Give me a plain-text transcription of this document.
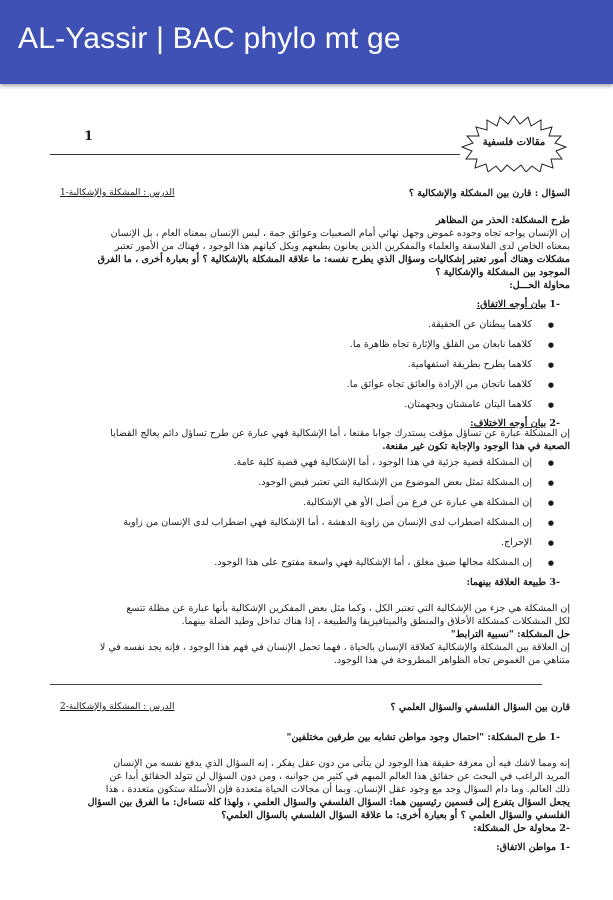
AL-Yassir | BAC phylo mt ge
1	مقالات فلسفية
السؤال : قارن بين المشكلة والإشكالية ؟
الدرس : المشكلة والإشكالية-1
طرح المشكلة: الحذر من المظاهر
إن الإنسان يواجه تجاه وجوده غموض وجهل نهائي أمام الصعبيات وعوائق جمة ، ليس الإنسان بمعناه العام ، بل الإنسان
بمعناه الخاص لدى الفلاسفة والعلماء والمفكرين الذين يعانون بطبعهم ويكل كيانهم هذا الوجود ، فهناك من الأمور تعتبر
مشكلات وهناك أمور تعتبر إشكاليات وسؤال الذي يطرح نفسه: ما علاقة المشكلة بالإشكالية ؟ أو بعبارة أخرى ، ما الفرق
الموجود بين المشكلة والإشكالية ؟
محاولة الحـــل:
-1 بيان أوجه الاتفاق:
● كلاهما يبطنان عن الحقيقة.
● كلاهما نابعان من القلق والإثارة تجاه ظاهرة ما.
● كلاهما يطرح بطريقة استفهامية.
● كلاهما ناتجان من الإرادة والعائق تجاه عوائق ما.
● كلاهما اليتان عامشتان ويجهمتان.
-2 بيان أوجه الاختلاف:
إن المشكلة عبارة عن تساؤل مؤقت يستدرك جوابا مقنعا ، أما الإشكالية فهي عبارة عن طرح تساؤل دائم يعالج القضايا
الصعبة في هذا الوجود والإجابة تكون غير مقنعة.
● إن المشكلة قضية جزئية في هذا الوجود ، أما الإشكالية فهي قضية كلية عامة.
● إن المشكلة تمثل بعض الموضوع من الإشكالية التي تعتبر فيض الوجود.
● إن المشكلة هي عبارة عن فرع من أصل الأو هي الإشكالية.
● إن المشكلة اضطراب لدى الإنسان من زاوية الدهشة ، أما الإشكالية فهي اضطراب لدى الإنسان من زاوية
● الإحراج.
● إن المشكلة مجالها ضيق مغلق ، أما الإشكالية فهي واسعة مفتوح على هذا الوجود.
-3 طبيعة العلاقة بينهما:
إن المشكلة هي جزء من الإشكالية التي تعتبر الكل ، وكما مثل بعض المفكرين الإشكالية بأنها عبارة عن مظلة تتسع
لكل المشكلات كمشكلة الأخلاق والمنطق والميتافيزيقا والطبيعة ، إذا هناك تداخل وطيد الصلة بينهما.
حل المشكلة: "نسبية الترابط"
إن العلاقة بين المشكلة والإشكالية كعلاقة الإنسان بالحياة ، فهما تحمل الإنسان في فهم هذا الوجود ، فإنه يجد نفسه في لا
متناهي من الغموض تجاه الظواهر المطروحة في هذا الوجود.
قارن بين السؤال الفلسفي والسؤال العلمي ؟
الدرس : المشكلة والإشكالية-2
-1 طرح المشكلة: "احتمال وجود مواطن تشابه بين طرفين مختلفين"
إنه ومما لاشك فيه أن معرفة حقيقة هذا الوجود لن يتأتى من دون عقل يفكر ، إنه السؤال الذي يدفع نفسه من الإنسان
المريد الراغب في البحث عن حقائق هذا العالم المبهم في كثير من جوانبه ، ومن دون السؤال لن تتولد الحقائق أبدا عن
ذلك العالم. وما دام السؤال وجد مع وجود عقل الإنسان. وبما أن مجالات الحياة متعددة فإن الأسئلة ستكون متعددة ، هذا
يجعل السؤال يتفرع إلى قسمين رئيسيين هما: السؤال الفلسفي والسؤال العلمي ، ولهذا كله نتساءل: ما الفرق بين السؤال
الفلسفي والسؤال العلمي ؟ أو بعبارة أخرى: ما علاقة السؤال الفلسفي بالسؤال العلمي؟
-2 محاولة حل المشكلة:
-1 مواطن الاتفاق:
